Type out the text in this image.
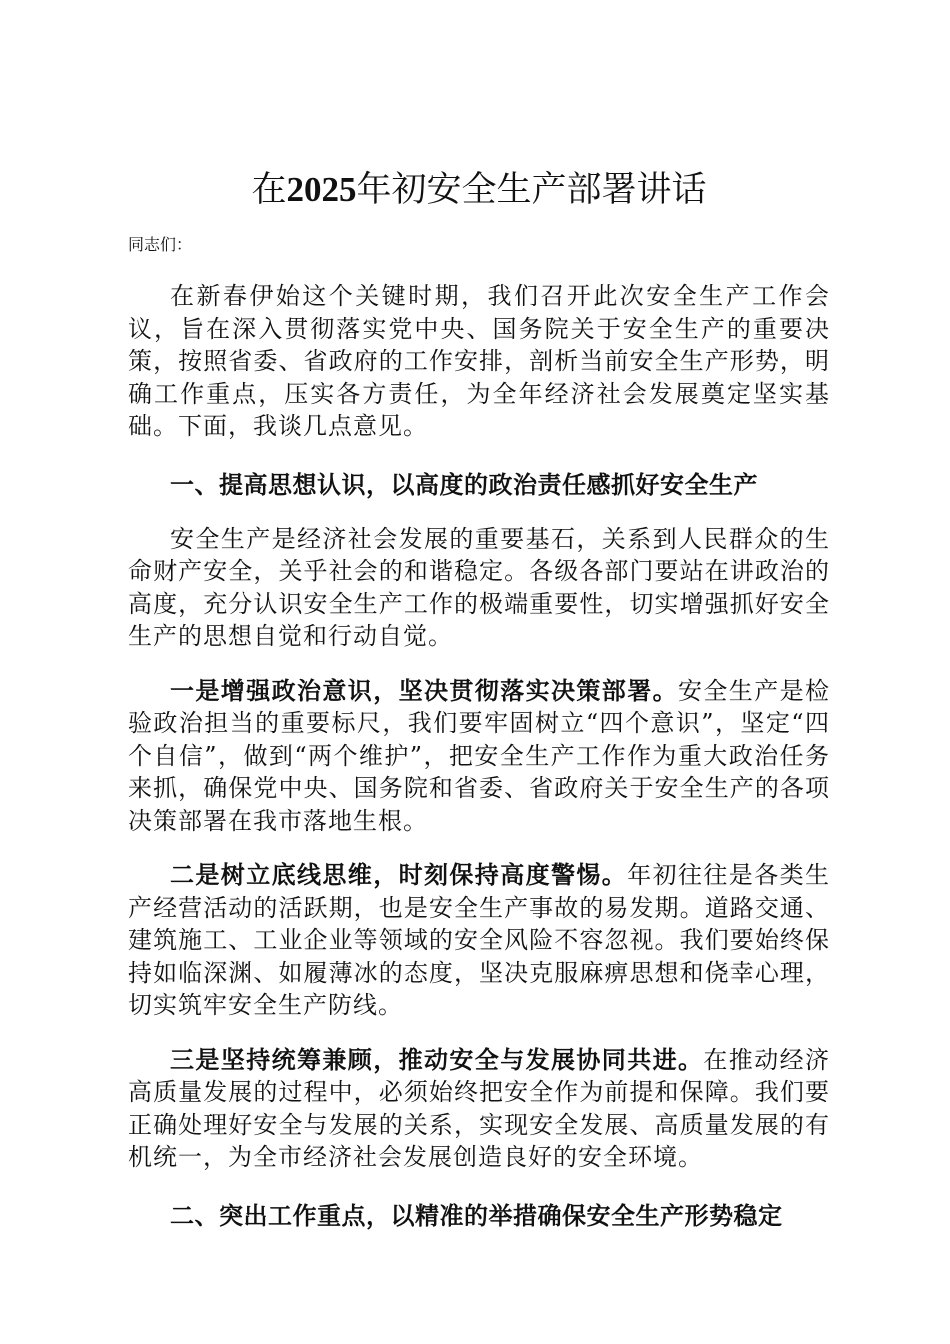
在2025年初安全生产部署讲话

同志们：

在新春伊始这个关键时期，我们召开此次安全生产工作会议，旨在深入贯彻落实党中央、国务院关于安全生产的重要决策，按照省委、省政府的工作安排，剖析当前安全生产形势，明确工作重点，压实各方责任，为全年经济社会发展奠定坚实基础。下面，我谈几点意见。

一、提高思想认识，以高度的政治责任感抓好安全生产

安全生产是经济社会发展的重要基石，关系到人民群众的生命财产安全，关乎社会的和谐稳定。各级各部门要站在讲政治的高度，充分认识安全生产工作的极端重要性，切实增强抓好安全生产的思想自觉和行动自觉。

一是增强政治意识，坚决贯彻落实决策部署。安全生产是检验政治担当的重要标尺，我们要牢固树立“四个意识”，坚定“四个自信”，做到“两个维护”，把安全生产工作作为重大政治任务来抓，确保党中央、国务院和省委、省政府关于安全生产的各项决策部署在我市落地生根。

二是树立底线思维，时刻保持高度警惕。年初往往是各类生产经营活动的活跃期，也是安全生产事故的易发期。道路交通、建筑施工、工业企业等领域的安全风险不容忽视。我们要始终保持如临深渊、如履薄冰的态度，坚决克服麻痹思想和侥幸心理，切实筑牢安全生产防线。

三是坚持统筹兼顾，推动安全与发展协同共进。在推动经济高质量发展的过程中，必须始终把安全作为前提和保障。我们要正确处理好安全与发展的关系，实现安全发展、高质量发展的有机统一，为全市经济社会发展创造良好的安全环境。

二、突出工作重点，以精准的举措确保安全生产形势稳定
